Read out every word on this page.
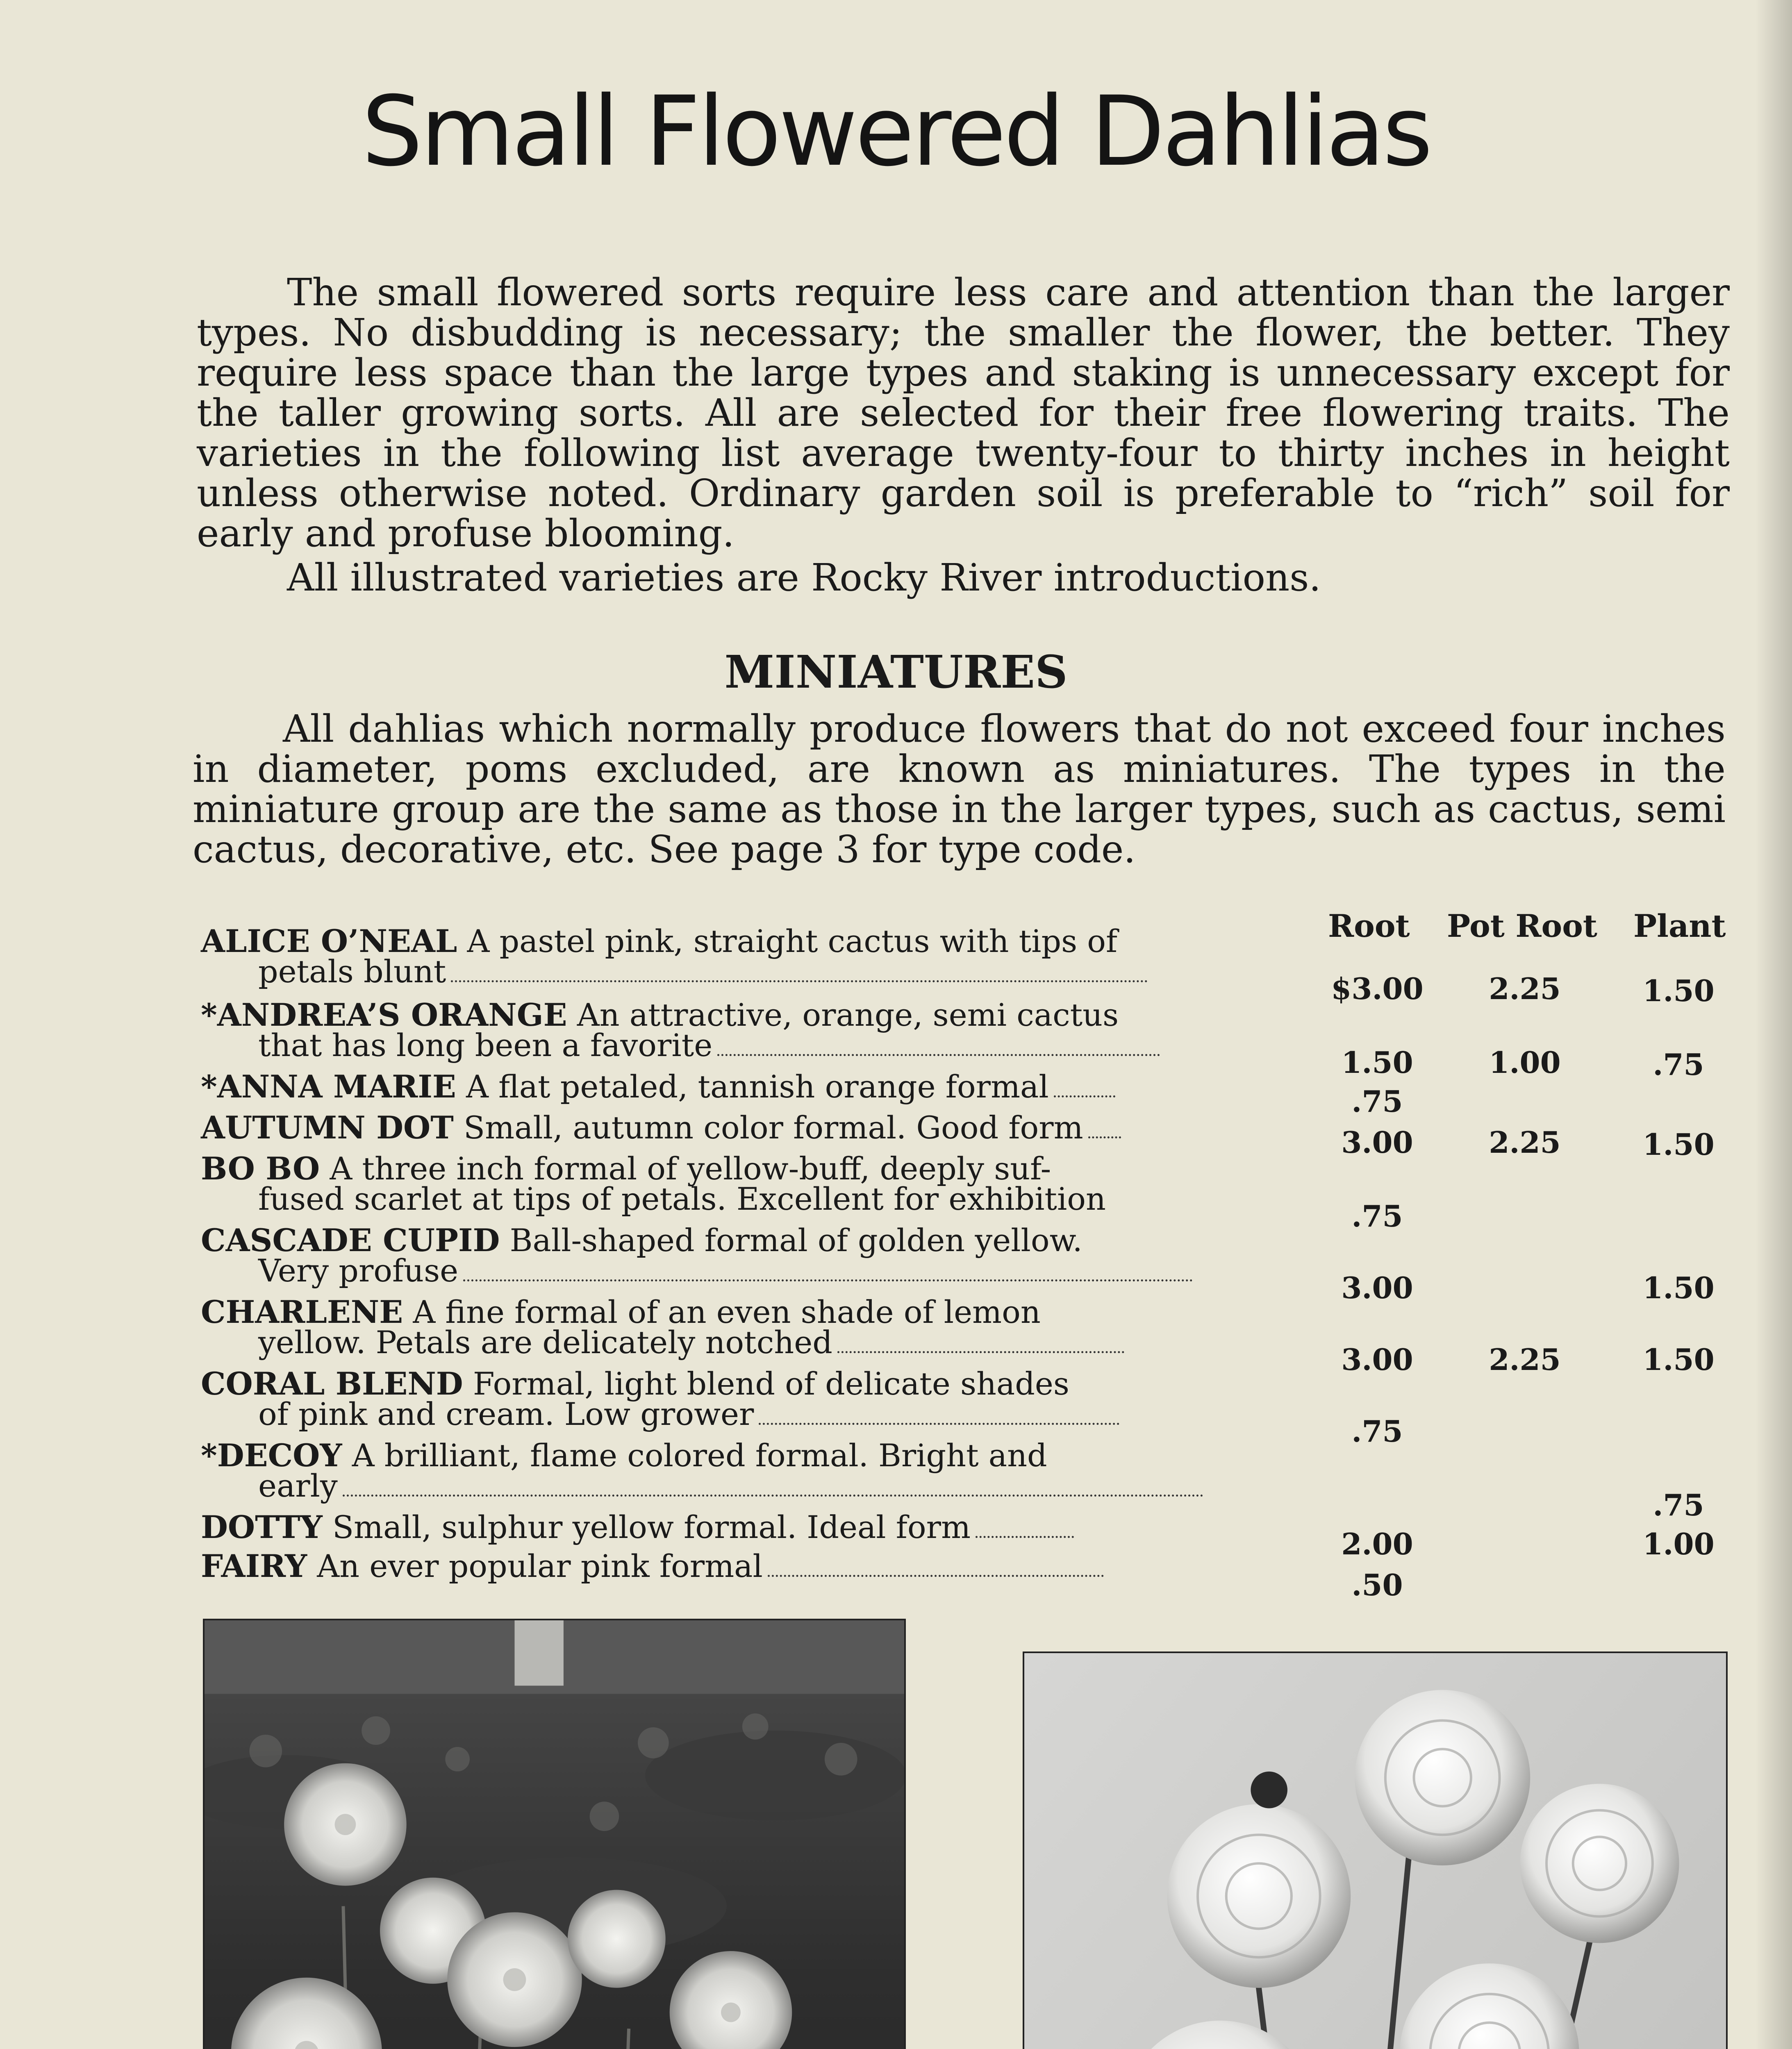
Small Flowered Dahlias

The small flowered sorts require less care and attention than the larger types. No disbudding is necessary; the smaller the flower, the better. They require less space than the large types and staking is unnecessary except for the taller growing sorts. All are selected for their free flowering traits. The varieties in the following list average twenty-four to thirty inches in height unless otherwise noted. Ordinary garden soil is preferable to “rich” soil for early and profuse blooming.

All illustrated varieties are Rocky River introductions.

MINIATURES
All dahlias which normally produce flowers that do not exceed four inches in diameter, poms excluded, are known as miniatures. The types in the miniature group are the same as those in the larger types, such as cactus, semi cactus, decorative, etc. See page 3 for type code.
Root Pot Root Plant
ALICE O’NEAL A pastel pink, straight cactus with tips of
petals blunt
*ANDREA’S ORANGE An attractive, orange, semi cactus
that has long been a favorite
*ANNA MARIE A flat petaled, tannish orange formal
AUTUMN DOT Small, autumn color formal. Good form
BO BO A three inch formal of yellow-buff, deeply suf-
fused scarlet at tips of petals. Excellent for exhibition
CASCADE CUPID Ball-shaped formal of golden yellow.
Very profuse
CHARLENE A fine formal of an even shade of lemon
yellow. Petals are delicately notched
CORAL BLEND Formal, light blend of delicate shades
of pink and cream. Low grower
*DECOY A brilliant, flame colored formal. Bright and
early
DOTTY Small, sulphur yellow formal. Ideal form
FAIRY An ever popular pink formal
$3.00
1.50
.75
3.00
.75
3.00
3.00
.75
2.00
.50
2.25
1.00
2.25
2.25
1.50
.75
1.50
1.50
1.50
.75
1.00
